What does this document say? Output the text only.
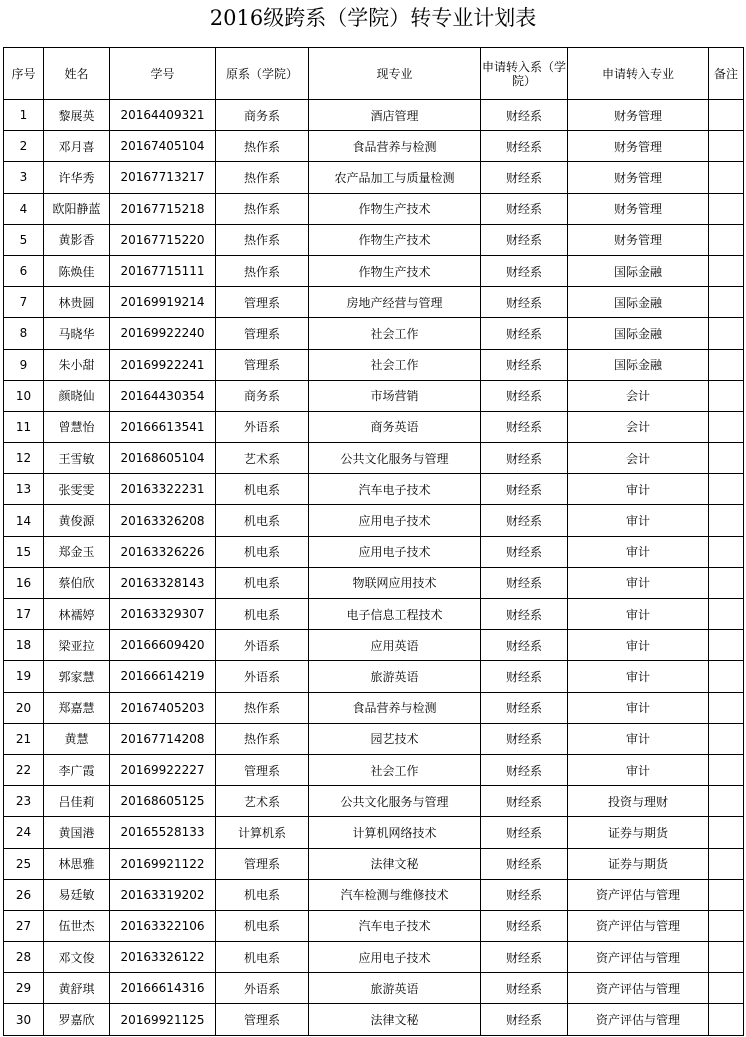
2016级跨系（学院）转专业计划表
序号	姓名	学号	原系（学院）	现专业	申请转入系（学院）	申请转入专业	备注
1	黎展英	20164409321	商务系	酒店管理	财经系	财务管理	
2	邓月喜	20167405104	热作系	食品营养与检测	财经系	财务管理	
3	许华秀	20167713217	热作系	农产品加工与质量检测	财经系	财务管理	
4	欧阳静蓝	20167715218	热作系	作物生产技术	财经系	财务管理	
5	黄影香	20167715220	热作系	作物生产技术	财经系	财务管理	
6	陈焕佳	20167715111	热作系	作物生产技术	财经系	国际金融	
7	林贵圆	20169919214	管理系	房地产经营与管理	财经系	国际金融	
8	马晓华	20169922240	管理系	社会工作	财经系	国际金融	
9	朱小甜	20169922241	管理系	社会工作	财经系	国际金融	
10	颜晓仙	20164430354	商务系	市场营销	财经系	会计	
11	曾慧怡	20166613541	外语系	商务英语	财经系	会计	
12	王雪敏	20168605104	艺术系	公共文化服务与管理	财经系	会计	
13	张雯雯	20163322231	机电系	汽车电子技术	财经系	审计	
14	黄俊源	20163326208	机电系	应用电子技术	财经系	审计	
15	郑金玉	20163326226	机电系	应用电子技术	财经系	审计	
16	蔡伯欣	20163328143	机电系	物联网应用技术	财经系	审计	
17	林襦婷	20163329307	机电系	电子信息工程技术	财经系	审计	
18	梁亚拉	20166609420	外语系	应用英语	财经系	审计	
19	郭家慧	20166614219	外语系	旅游英语	财经系	审计	
20	郑嘉慧	20167405203	热作系	食品营养与检测	财经系	审计	
21	黄慧	20167714208	热作系	园艺技术	财经系	审计	
22	李广霞	20169922227	管理系	社会工作	财经系	审计	
23	吕佳莉	20168605125	艺术系	公共文化服务与管理	财经系	投资与理财	
24	黄国港	20165528133	计算机系	计算机网络技术	财经系	证券与期货	
25	林思雅	20169921122	管理系	法律文秘	财经系	证券与期货	
26	易廷敏	20163319202	机电系	汽车检测与维修技术	财经系	资产评估与管理	
27	伍世杰	20163322106	机电系	汽车电子技术	财经系	资产评估与管理	
28	邓文俊	20163326122	机电系	应用电子技术	财经系	资产评估与管理	
29	黄舒琪	20166614316	外语系	旅游英语	财经系	资产评估与管理	
30	罗嘉欣	20169921125	管理系	法律文秘	财经系	资产评估与管理	
